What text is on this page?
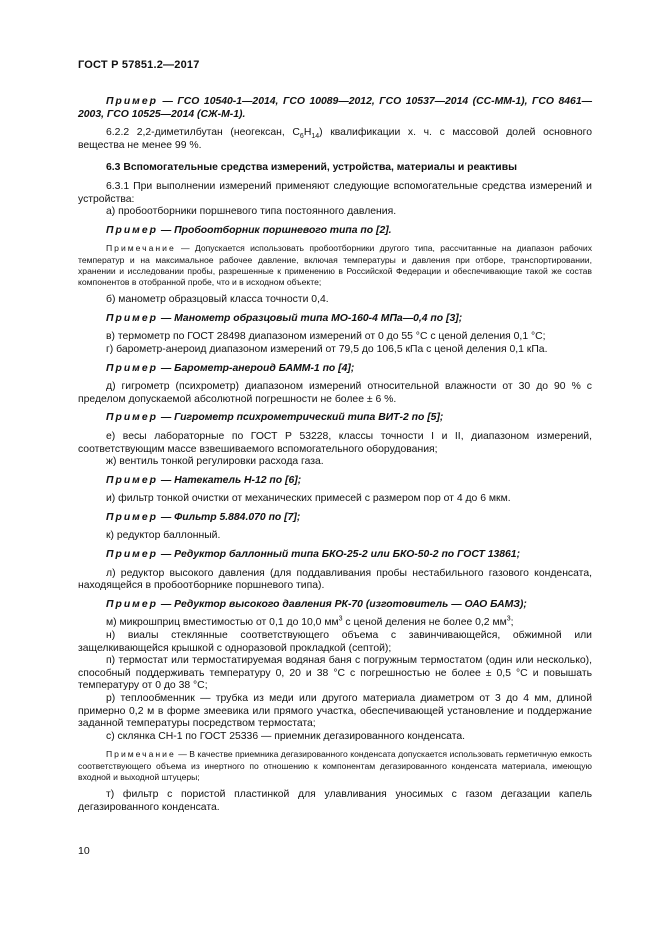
ГОСТ Р 57851.2—2017

Пример — ГСО 10540-1—2014, ГСО 10089—2012, ГСО 10537—2014 (СС-ММ-1), ГСО 8461—2003, ГСО 10525—2014 (СЖ-М-1).

6.2.2 2,2-диметилбутан (неогексан, $C_6H_{14}$) квалификации х. ч. с массовой долей основного вещества не менее 99 %.

6.3 Вспомогательные средства измерений, устройства, материалы и реактивы

6.3.1 При выполнении измерений применяют следующие вспомогательные средства измерений и устройства:

а) пробоотборники поршневого типа постоянного давления.

Пример — Пробоотборник поршневого типа по [2].

Примечание — Допускается использовать пробоотборники другого типа, рассчитанные на диапазон рабочих температур и на максимальное рабочее давление, включая температуры и давления при отборе, транспортировании, хранении и исследовании пробы, разрешенные к применению в Российской Федерации и обеспечивающие такой же состав компонентов в отобранной пробе, что и в исходном объекте;

б) манометр образцовый класса точности 0,4.

Пример — Манометр образцовый типа МО-160-4 МПа—0,4 по [3];

в) термометр по ГОСТ 28498 диапазоном измерений от 0 до 55 °С с ценой деления 0,1 °С;

г) барометр-анероид диапазоном измерений от 79,5 до 106,5 кПа с ценой деления 0,1 кПа.

Пример — Барометр-анероид БАММ-1 по [4];

д) гигрометр (психрометр) диапазоном измерений относительной влажности от 30 до 90 % с пределом допускаемой абсолютной погрешности не более ± 6 %.

Пример — Гигрометр психрометрический типа ВИТ-2 по [5];

е) весы лабораторные по ГОСТ Р 53228, классы точности I и II, диапазоном измерений, соответствующим массе взвешиваемого вспомогательного оборудования;

ж) вентиль тонкой регулировки расхода газа.

Пример — Натекатель Н-12 по [6];

и) фильтр тонкой очистки от механических примесей с размером пор от 4 до 6 мкм.

Пример — Фильтр 5.884.070 по [7];

к) редуктор баллонный.

Пример — Редуктор баллонный типа БКО-25-2 или БКО-50-2 по ГОСТ 13861;

л) редуктор высокого давления (для поддавливания пробы нестабильного газового конденсата, находящейся в пробоотборнике поршневого типа).

Пример — Редуктор высокого давления РК-70 (изготовитель — ОАО БАМЗ);

м) микрошприц вместимостью от 0,1 до 10,0 $мм^3$ с ценой деления не более 0,2 $мм^3$;

н) виалы стеклянные соответствующего объема с завинчивающейся, обжимной или защелкивающейся крышкой с одноразовой прокладкой (септой);

п) термостат или термостатируемая водяная баня с погружным термостатом (один или несколько), способный поддерживать температуру 0, 20 и 38 °С с погрешностью не более ± 0,5 °С и повышать температуру от 0 до 38 °С;

р) теплообменник — трубка из меди или другого материала диаметром от 3 до 4 мм, длиной примерно 0,2 м в форме змеевика или прямого участка, обеспечивающей установление и поддержание заданной температуры посредством термостата;

с) склянка СН-1 по ГОСТ 25336 — приемник дегазированного конденсата.

Примечание — В качестве приемника дегазированного конденсата допускается использовать герметичную емкость соответствующего объема из инертного по отношению к компонентам дегазированного конденсата материала, имеющую входной и выходной штуцеры;

т) фильтр с пористой пластинкой для улавливания уносимых с газом дегазации капель дегазированного конденсата.

10
